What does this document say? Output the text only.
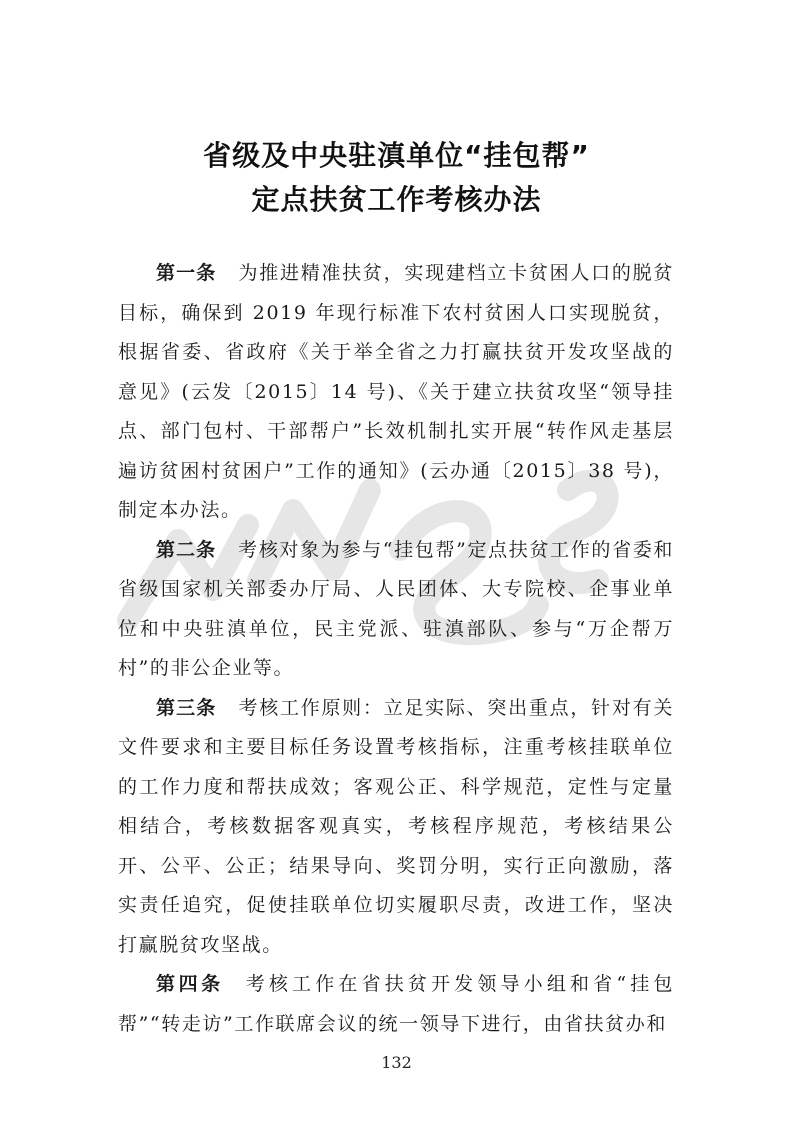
省级及中央驻滇单位“挂包帮”
定点扶贫工作考核办法

第一条 为推进精准扶贫，实现建档立卡贫困人口的脱贫目标，确保到 2019 年现行标准下农村贫困人口实现脱贫，根据省委、省政府《关于举全省之力打赢扶贫开发攻坚战的意见》(云发〔2015〕14 号)、《关于建立扶贫攻坚“领导挂点、部门包村、干部帮户”长效机制扎实开展“转作风走基层遍访贫困村贫困户”工作的通知》(云办通〔2015〕38 号)，制定本办法。

第二条 考核对象为参与“挂包帮”定点扶贫工作的省委和省级国家机关部委办厅局、人民团体、大专院校、企事业单位和中央驻滇单位，民主党派、驻滇部队、参与“万企帮万村”的非公企业等。

第三条 考核工作原则：立足实际、突出重点，针对有关文件要求和主要目标任务设置考核指标，注重考核挂联单位的工作力度和帮扶成效；客观公正、科学规范，定性与定量相结合，考核数据客观真实，考核程序规范，考核结果公开、公平、公正；结果导向、奖罚分明，实行正向激励，落实责任追究，促使挂联单位切实履职尽责，改进工作，坚决打赢脱贫攻坚战。

第四条 考核工作在省扶贫开发领导小组和省“挂包帮”“转走访”工作联席会议的统一领导下进行，由省扶贫办和

132
